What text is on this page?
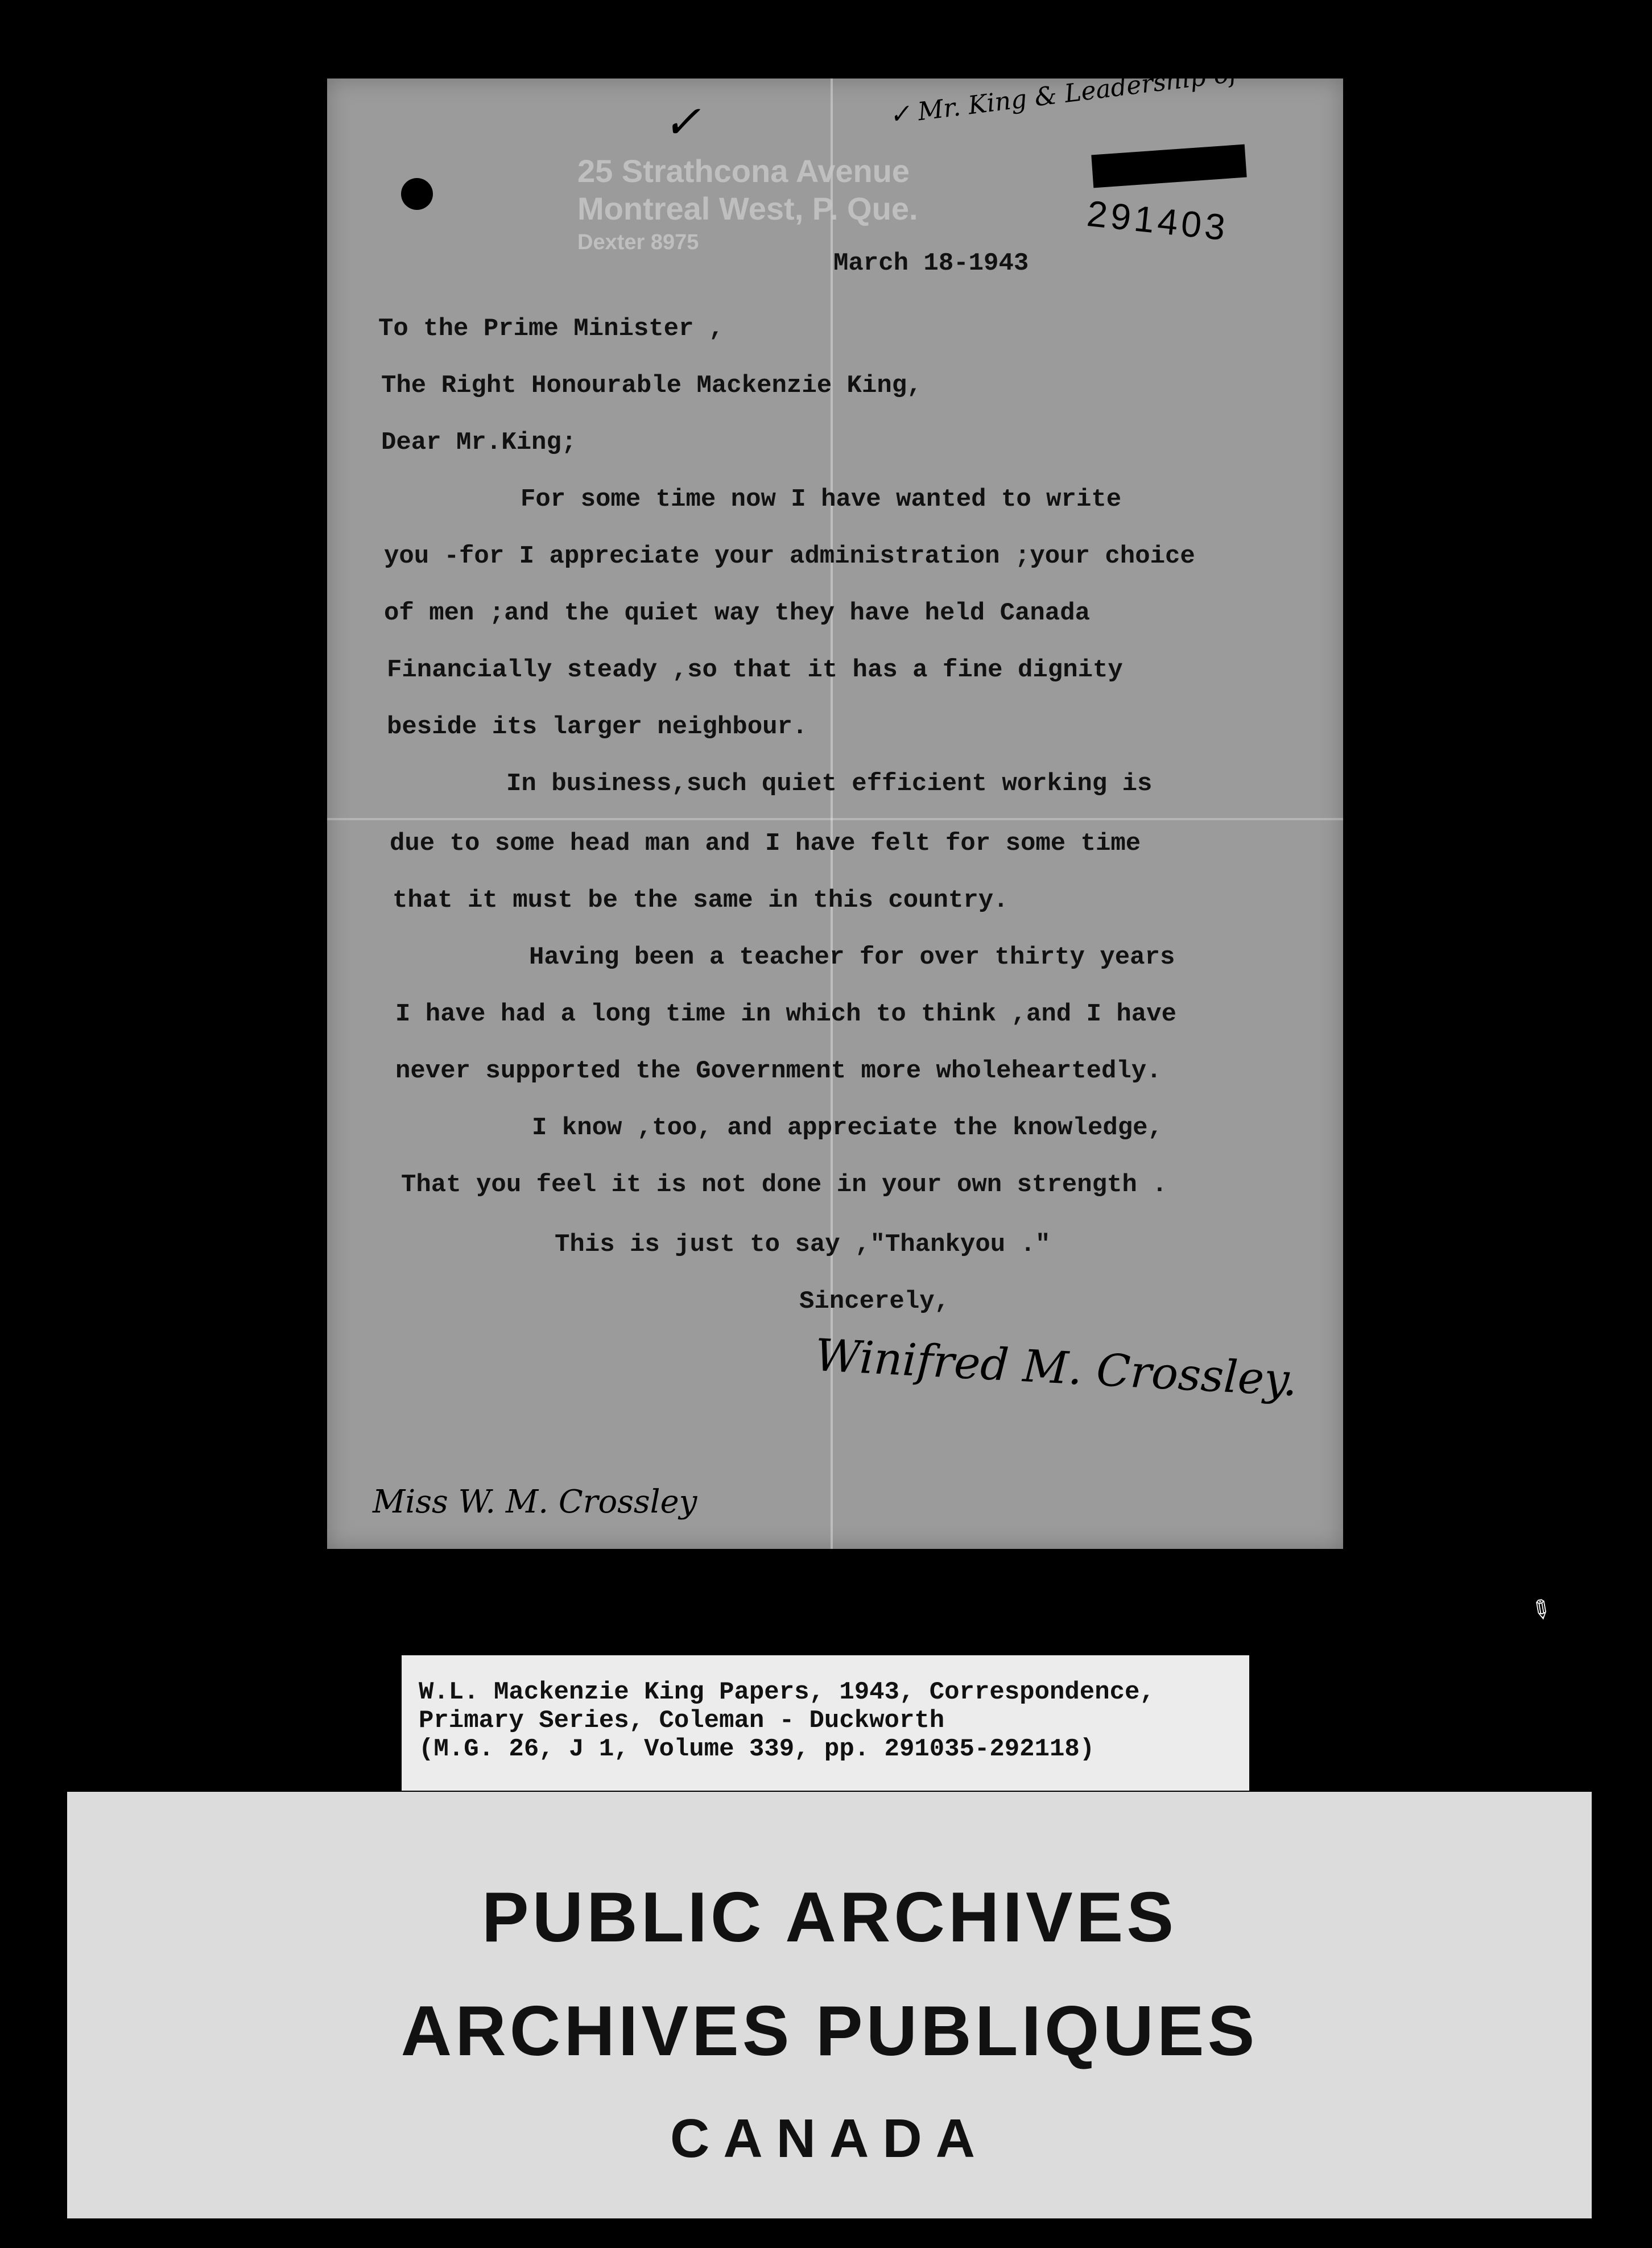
25 Strathcona Avenue
Montreal West, P. Que.
Dexter 8975
✓	✓ Mr. King & Leadership of
291403
March 18-1943
To the Prime Minister ,
The Right Honourable Mackenzie King,
Dear Mr.King;
For some time now I have wanted to write
you -for I appreciate your administration ;your choice
of men ;and the quiet way they have held Canada
Financially steady ,so that it has a fine dignity
beside its larger neighbour.
In business,such quiet efficient working is
due to some head man and I have felt for some time
that it must be the same in this country.
Having been a teacher for over thirty years
I have had a long time in which to think ,and I have
never supported the Government more wholeheartedly.
I know ,too, and appreciate the knowledge,
That you feel it is not done in your own strength .
This is just to say ,"Thankyou ."
Sincerely,
Winifred M. Crossley.
Miss W. M. Crossley
✎
W.L. Mackenzie King Papers, 1943, Correspondence,
Primary Series, Coleman - Duckworth
(M.G. 26, J 1, Volume 339, pp. 291035-292118)
PUBLIC ARCHIVES
ARCHIVES PUBLIQUES
CANADA
